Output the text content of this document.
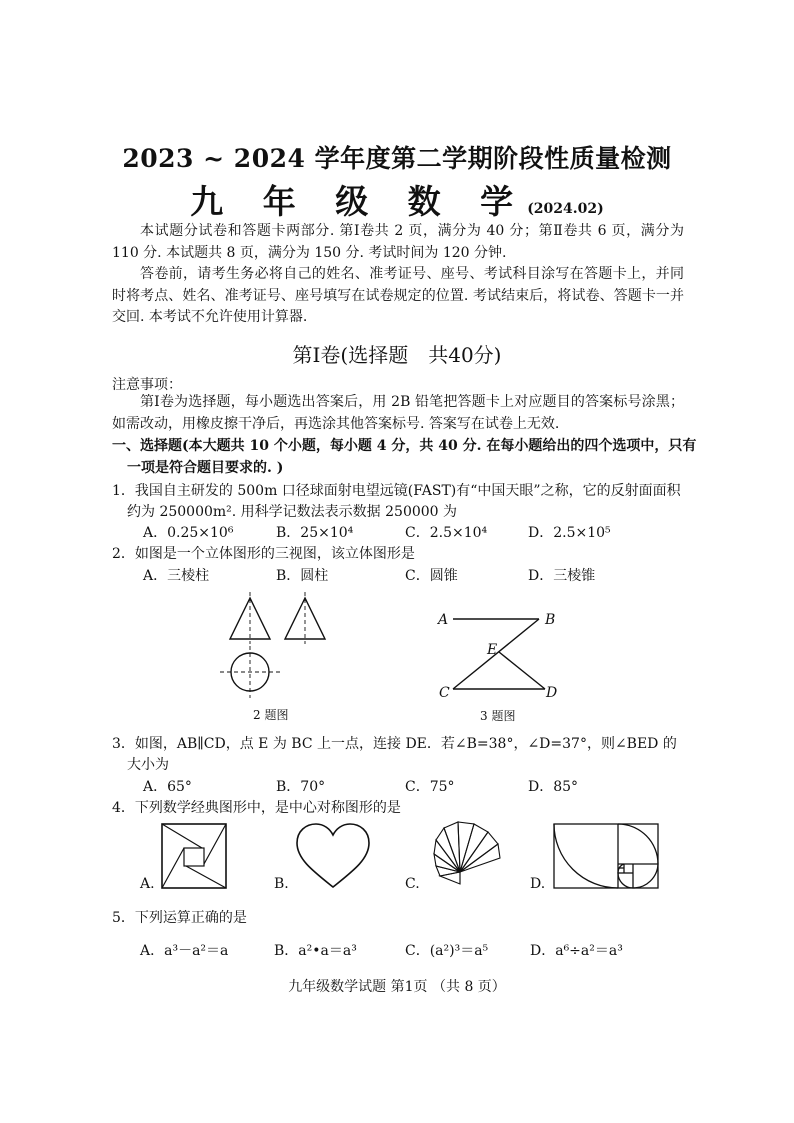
2023 ~ 2024 学年度第二学期阶段性质量检测
九 年 级 数 学(2024.02)
本试题分试卷和答题卡两部分. 第Ⅰ卷共 2 页，满分为 40 分；第Ⅱ卷共 6 页，满分为 110 分. 本试题共 8 页，满分为 150 分. 考试时间为 120 分钟.
答卷前，请考生务必将自己的姓名、准考证号、座号、考试科目涂写在答题卡上，并同时将考点、姓名、准考证号、座号填写在试卷规定的位置. 考试结束后，将试卷、答题卡一并交回. 本考试不允许使用计算器.
第Ⅰ卷(选择题　共40分)
注意事项：
第Ⅰ卷为选择题，每小题选出答案后，用 2B 铅笔把答题卡上对应题目的答案标号涂黑；如需改动，用橡皮擦干净后，再选涂其他答案标号. 答案写在试卷上无效.
一、选择题(本大题共 10 个小题，每小题 4 分，共 40 分. 在每小题给出的四个选项中，只有
一项是符合题目要求的. )
1．我国自主研发的 500m 口径球面射电望远镜(FAST)有“中国天眼”之称，它的反射面面积
约为 250000m². 用科学记数法表示数据 250000 为
A．0.25×10⁶	B．25×10⁴	C．2.5×10⁴	D．2.5×10⁵
2．如图是一个立体图形的三视图，该立体图形是
A．三棱柱	B．圆柱	C．圆锥	D．三棱锥
2 题图
A	B
E
C	D
3 题图
3．如图，AB∥CD，点 E 为 BC 上一点，连接 DE．若∠B=38°，∠D=37°，则∠BED 的
大小为
A．65°	B．70°	C．75°	D．85°
4．下列数学经典图形中，是中心对称图形的是
A.	B.	C.	D.
5．下列运算正确的是
A．a³－a²＝a	B．a²•a＝a³	C．(a²)³＝a⁵	D．a⁶÷a²＝a³
九年级数学试题 第1页 （共 8 页）
